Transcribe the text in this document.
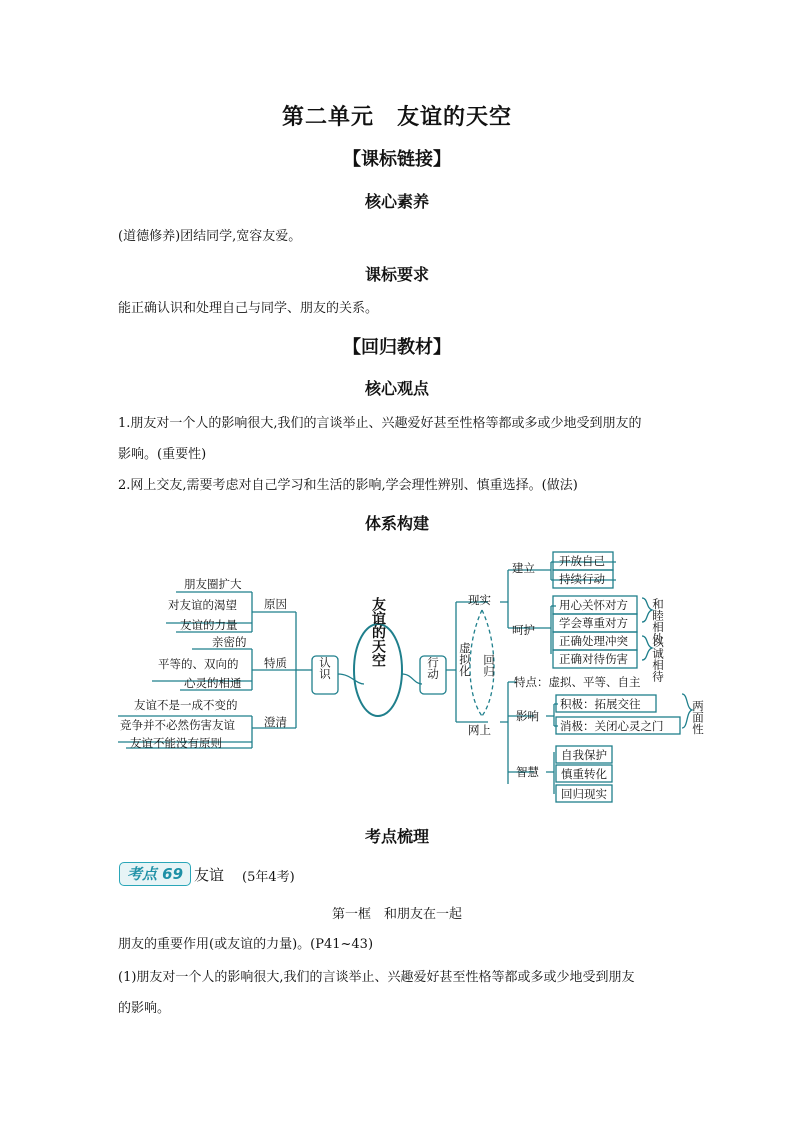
第二单元　友谊的天空
【课标链接】
核心素养
(道德修养)团结同学,宽容友爱。
课标要求
能正确认识和处理自己与同学、朋友的关系。
【回归教材】
核心观点
1.朋友对一个人的影响很大,我们的言谈举止、兴趣爱好甚至性格等都或多或少地受到朋友的
影响。(重要性)
2.网上交友,需要考虑对自己学习和生活的影响,学会理性辨别、慎重选择。(做法)
体系构建
朋友圈扩大
对友谊的渴望
友谊的力量
原因
亲密的
平等的、双向的
心灵的相通
特质
友谊不是一成不变的
竞争并不必然伤害友谊
友谊不能没有原则
澄清
认识
友谊的天空
行动
现实
网上
虚拟化 回归
建立 开放自己
持续行动
呵护
用心关怀对方
学会尊重对方
正确处理冲突
正确对待伤害
和睦相处
以诚相待
特点：虚拟、平等、自主
影响
积极：拓展交往
消极：关闭心灵之门 两面性
智慧
自我保护
慎重转化
回归现实
考点梳理
考点 69 友谊 (5年4考)
第一框　和朋友在一起
朋友的重要作用(或友谊的力量)。(P41~43)
(1)朋友对一个人的影响很大,我们的言谈举止、兴趣爱好甚至性格等都或多或少地受到朋友
的影响。
